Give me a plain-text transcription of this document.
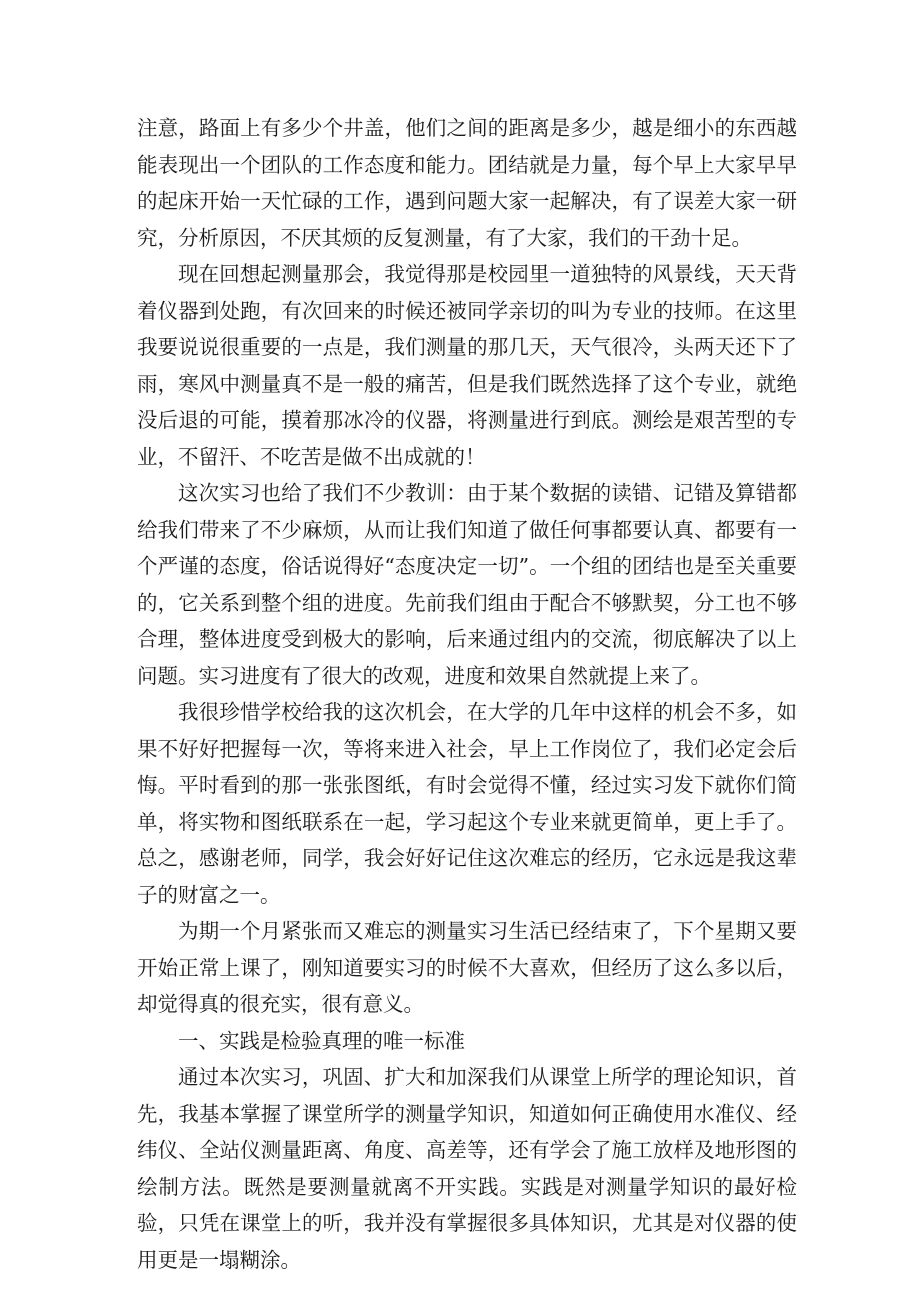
注意，路面上有多少个井盖，他们之间的距离是多少，越是细小的东西越能表现出一个团队的工作态度和能力。团结就是力量，每个早上大家早早的起床开始一天忙碌的工作，遇到问题大家一起解决，有了误差大家一研究，分析原因，不厌其烦的反复测量，有了大家，我们的干劲十足。

现在回想起测量那会，我觉得那是校园里一道独特的风景线，天天背着仪器到处跑，有次回来的时候还被同学亲切的叫为专业的技师。在这里我要说说很重要的一点是，我们测量的那几天，天气很冷，头两天还下了雨，寒风中测量真不是一般的痛苦，但是我们既然选择了这个专业，就绝没后退的可能，摸着那冰冷的仪器，将测量进行到底。测绘是艰苦型的专业，不留汗、不吃苦是做不出成就的！

这次实习也给了我们不少教训：由于某个数据的读错、记错及算错都给我们带来了不少麻烦，从而让我们知道了做任何事都要认真、都要有一个严谨的态度，俗话说得好“态度决定一切”。一个组的团结也是至关重要的，它关系到整个组的进度。先前我们组由于配合不够默契，分工也不够合理，整体进度受到极大的影响，后来通过组内的交流，彻底解决了以上问题。实习进度有了很大的改观，进度和效果自然就提上来了。

我很珍惜学校给我的这次机会，在大学的几年中这样的机会不多，如果不好好把握每一次，等将来进入社会，早上工作岗位了，我们必定会后悔。平时看到的那一张张图纸，有时会觉得不懂，经过实习发下就你们简单，将实物和图纸联系在一起，学习起这个专业来就更简单，更上手了。总之，感谢老师，同学，我会好好记住这次难忘的经历，它永远是我这辈子的财富之一。

为期一个月紧张而又难忘的测量实习生活已经结束了，下个星期又要开始正常上课了，刚知道要实习的时候不大喜欢，但经历了这么多以后，却觉得真的很充实，很有意义。

一、实践是检验真理的唯一标准

通过本次实习，巩固、扩大和加深我们从课堂上所学的理论知识，首先，我基本掌握了课堂所学的测量学知识，知道如何正确使用水准仪、经纬仪、全站仪测量距离、角度、高差等，还有学会了施工放样及地形图的绘制方法。既然是要测量就离不开实践。实践是对测量学知识的最好检验，只凭在课堂上的听，我并没有掌握很多具体知识，尤其是对仪器的使用更是一塌糊涂。
